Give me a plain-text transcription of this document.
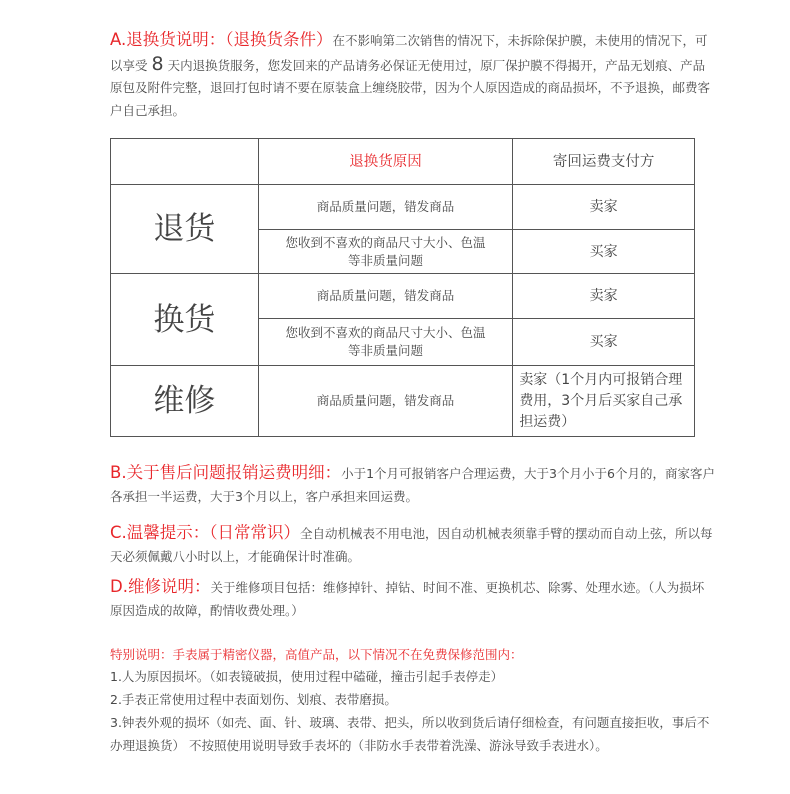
A.退换货说明：（退换货条件）在不影响第二次销售的情况下，未拆除保护膜，未使用的情况下，可以享受 8 天内退换货服务，您发回来的产品请务必保证无使用过，原厂保护膜不得揭开，产品无划痕、产品原包及附件完整，退回打包时请不要在原装盒上缠绕胶带，因为个人原因造成的商品损坏，不予退换，邮费客户自己承担。
	退换货原因	寄回运费支付方
退货	商品质量问题，错发商品	卖家
	您收到不喜欢的商品尺寸大小、色温等非质量问题	买家
换货	商品质量问题，错发商品	卖家
	您收到不喜欢的商品尺寸大小、色温等非质量问题	买家
维修	商品质量问题，错发商品	卖家（1个月内可报销合理费用，3个月后买家自己承担运费）
B.关于售后问题报销运费明细：小于1个月可报销客户合理运费，大于3个月小于6个月的，商家客户各承担一半运费，大于3个月以上，客户承担来回运费。
C.温馨提示：（日常常识）全自动机械表不用电池，因自动机械表须靠手臂的摆动而自动上弦，所以每天必须佩戴八小时以上，才能确保计时准确。
D.维修说明：关于维修项目包括：维修掉针、掉钻、时间不准、更换机芯、除雾、处理水迹。（人为损坏原因造成的故障，酌情收费处理。）
特别说明：手表属于精密仪器，高值产品，以下情况不在免费保修范围内：
1.人为原因损坏。（如表镜破损，使用过程中磕碰，撞击引起手表停走）
2.手表正常使用过程中表面划伤、划痕、表带磨损。
3.钟表外观的损坏（如壳、面、针、玻璃、表带、把头，所以收到货后请仔细检查，有问题直接拒收，事后不办理退换货） 不按照使用说明导致手表坏的（非防水手表带着洗澡、游泳导致手表进水）。
